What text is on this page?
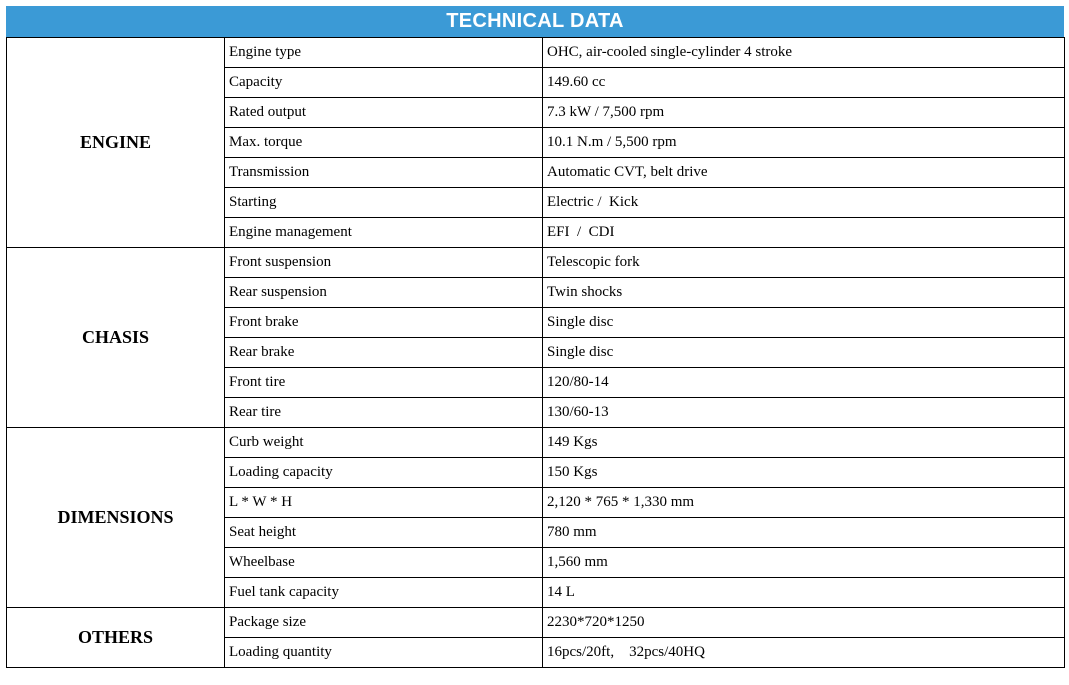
TECHNICAL DATA
ENGINE	Engine type	OHC, air-cooled single-cylinder 4 stroke
	Capacity	149.60 cc
	Rated output	7.3 kW / 7,500 rpm
	Max. torque	10.1 N.m / 5,500 rpm
	Transmission	Automatic CVT, belt drive
	Starting	Electric /  Kick
	Engine management	EFI  /  CDI
CHASIS	Front suspension	Telescopic fork
	Rear suspension	Twin shocks
	Front brake	Single disc
	Rear brake	Single disc
	Front tire	120/80-14
	Rear tire	130/60-13
DIMENSIONS	Curb weight	149 Kgs
	Loading capacity	150 Kgs
	L * W * H	2,120 * 765 * 1,330 mm
	Seat height	780 mm
	Wheelbase	1,560 mm
	Fuel tank capacity	14 L
OTHERS	Package size	2230*720*1250
	Loading quantity	16pcs/20ft,    32pcs/40HQ
